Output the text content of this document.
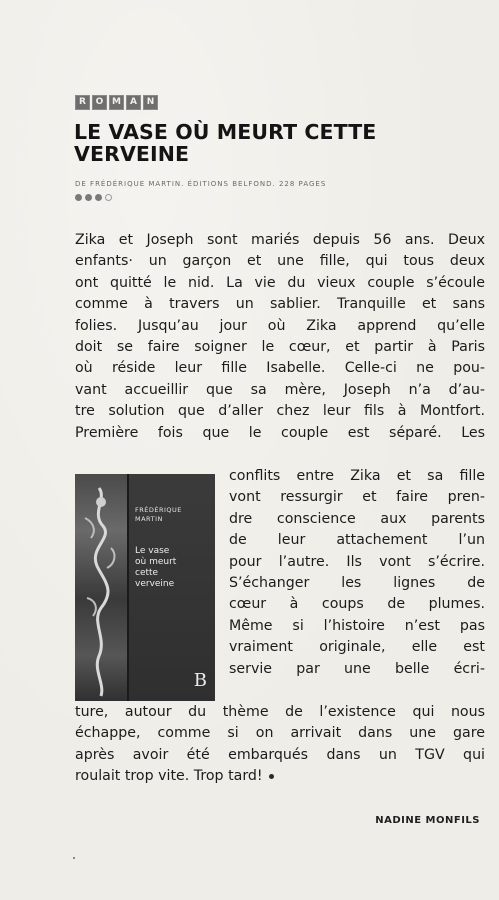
R	O M	A	N
LE VASE OÙ MEURT CETTE VERVEINE
DE FRÉDÉRIQUE MARTIN. ÉDITIONS BELFOND. 228 PAGES
Zika et Joseph sont mariés depuis 56 ans. Deux
enfants· un garçon et une fille, qui tous deux
ont quitté le nid. La vie du vieux couple s’écoule
comme à travers un sablier. Tranquille et sans
folies. Jusqu’au jour où Zika apprend qu’elle
doit se faire soigner le cœur, et partir à Paris
où réside leur fille Isabelle. Celle-ci ne pou-
vant accueillir que sa mère, Joseph n’a d’au-
tre solution que d’aller chez leur fils à Montfort.
Première fois que le couple est séparé. Les
FRÉDÉRIQUE MARTIN
Le vase
où meurt
cette
verveine
B
conflits entre Zika et sa fille
vont ressurgir et faire pren-
dre conscience aux parents
de leur attachement l’un
pour l’autre. Ils vont s’écrire.
S’échanger les lignes de
cœur à coups de plumes.
Même si l’histoire n’est pas
vraiment originale, elle est
servie par une belle écri-
ture, autour du thème de l’existence qui nous
échappe, comme si on arrivait dans une gare
après avoir été embarqués dans un TGV qui
roulait trop vite. Trop tard!
NADINE MONFILS
